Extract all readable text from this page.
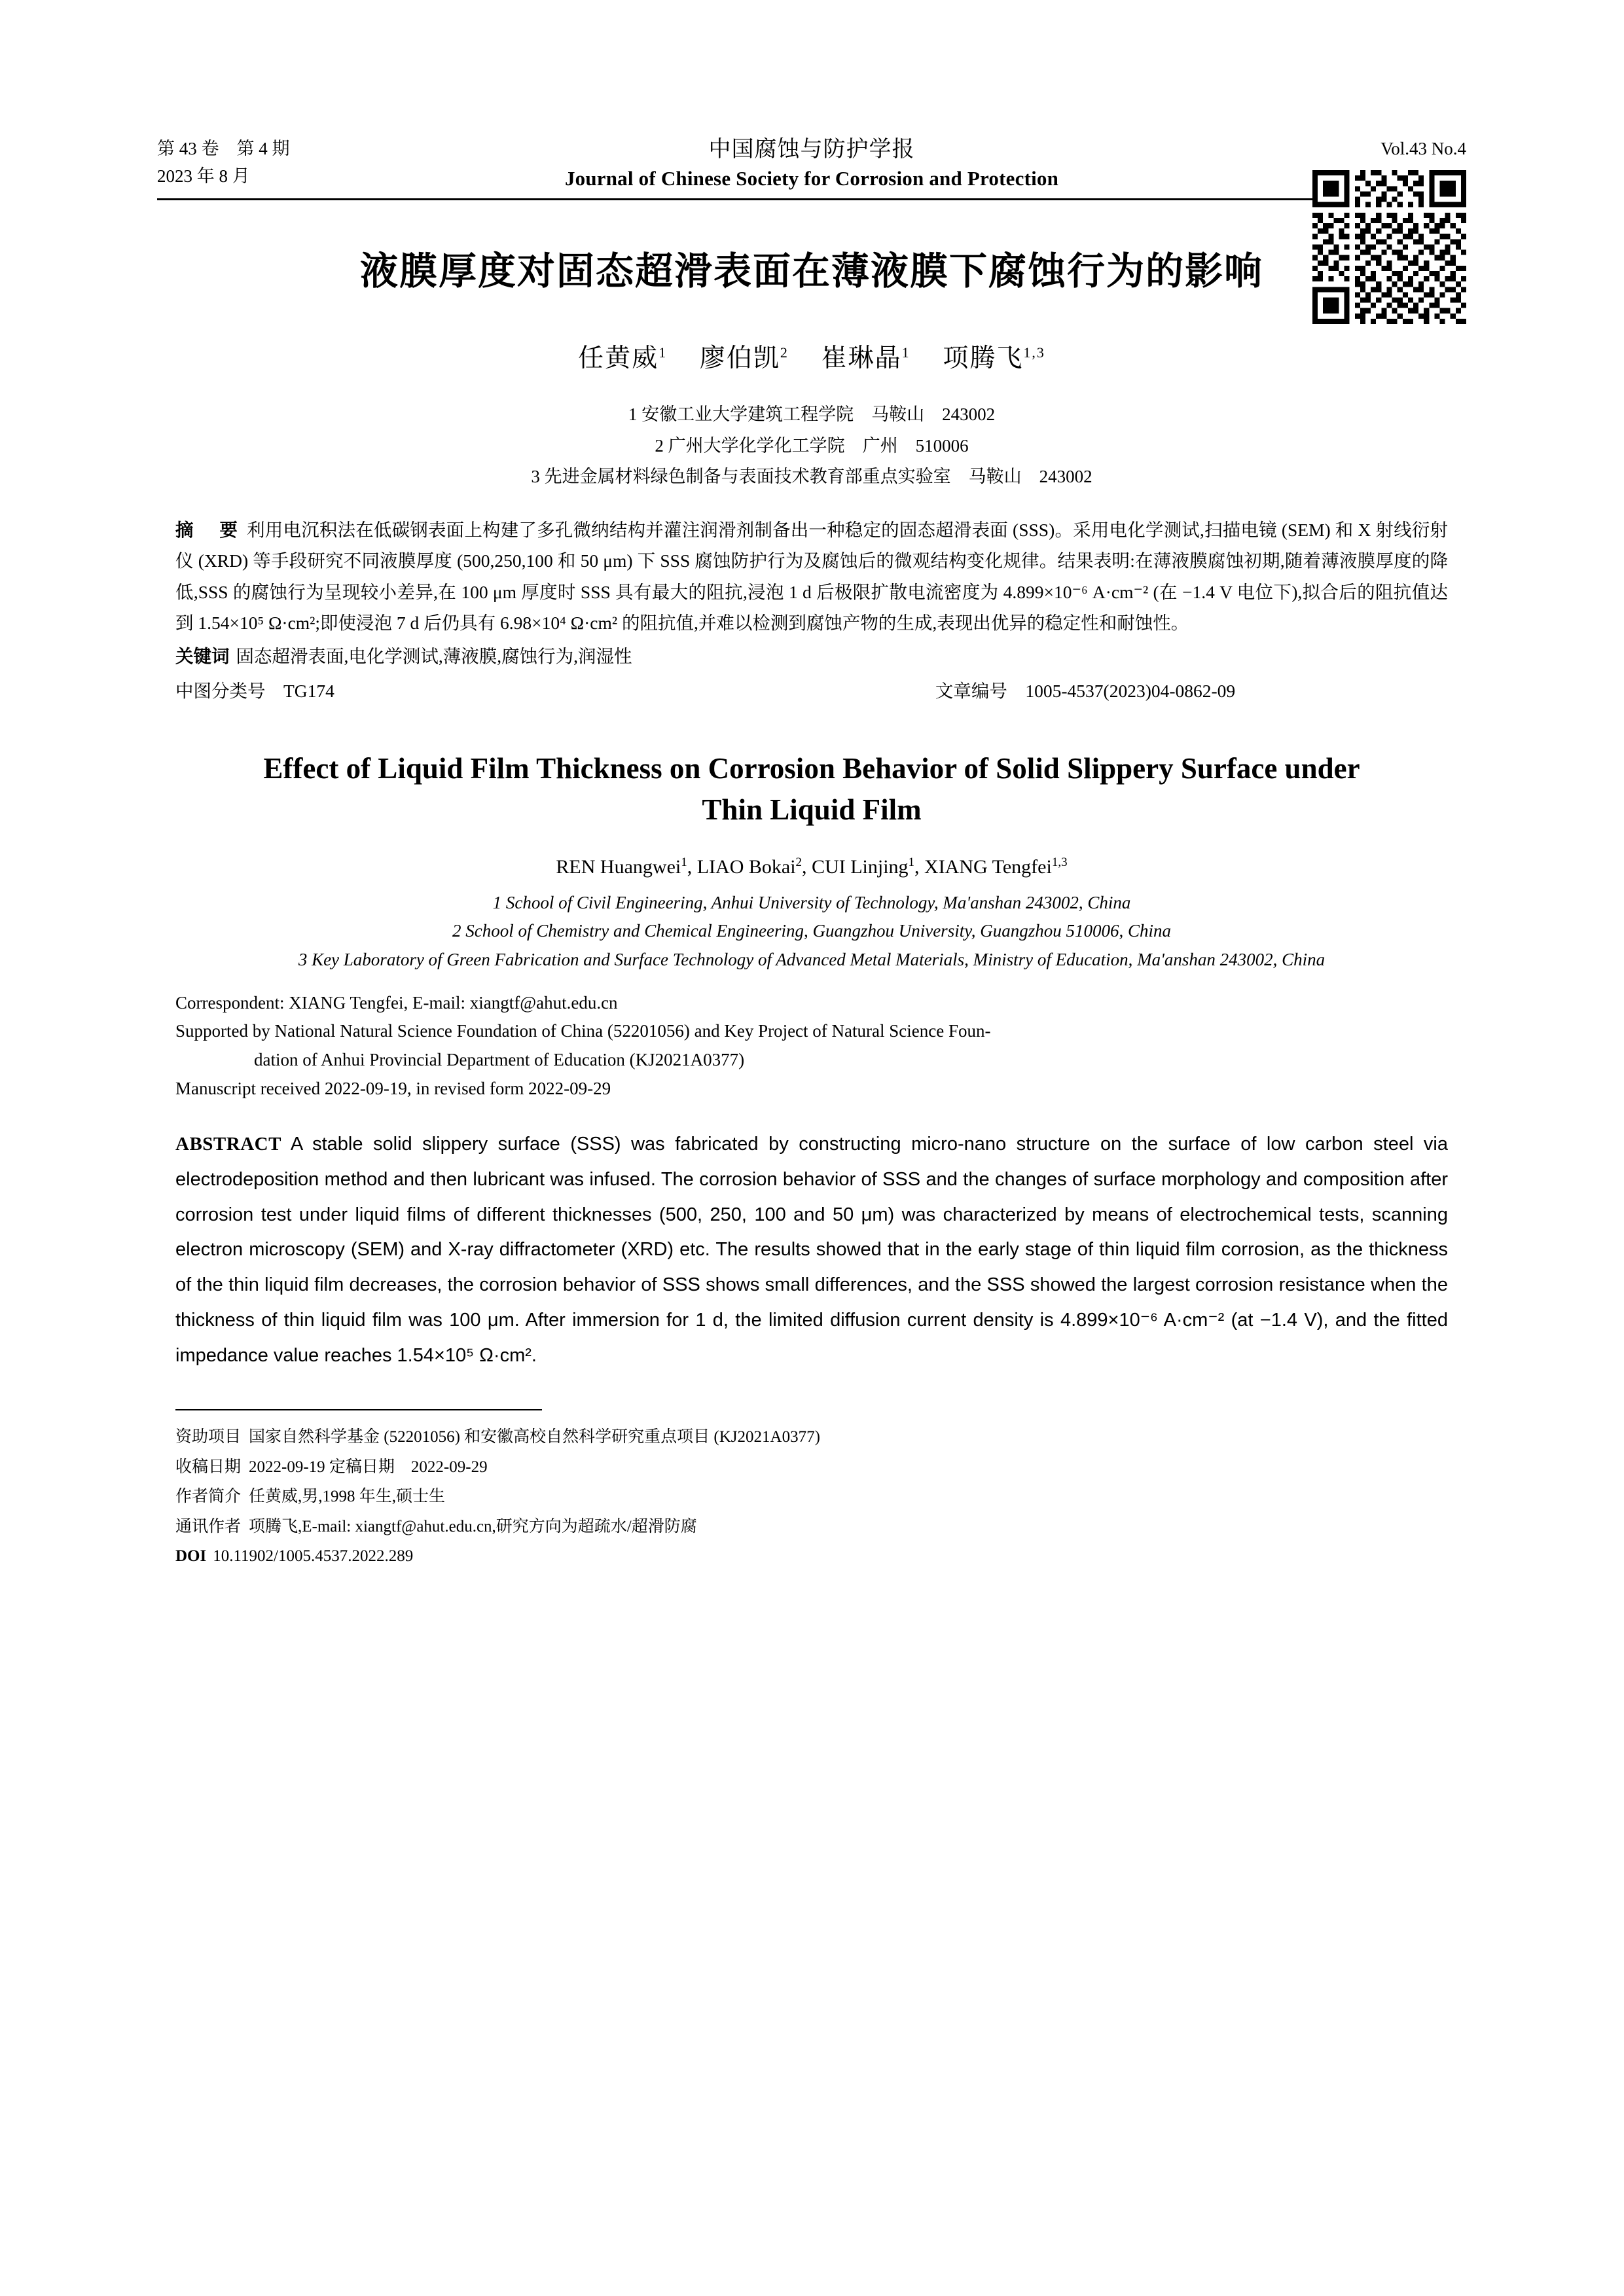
第 43 卷　第 4 期
2023 年 8 月
中国腐蚀与防护学报
Journal of Chinese Society for Corrosion and Protection
Vol.43 No.4
液膜厚度对固态超滑表面在薄液膜下腐蚀行为的影响
任黄威$^1$ 廖伯凯$^2$ 崔琳晶$^1$ 项腾飞$^{1,3}$
1 安徽工业大学建筑工程学院　马鞍山　243002
2 广州大学化学化工学院　广州　510006
3 先进金属材料绿色制备与表面技术教育部重点实验室　马鞍山　243002
摘　要 利用电沉积法在低碳钢表面上构建了多孔微纳结构并灌注润滑剂制备出一种稳定的固态超滑表面 (SSS)。采用电化学测试,扫描电镜 (SEM) 和 X 射线衍射仪 (XRD) 等手段研究不同液膜厚度 (500,250,100 和 50 μm) 下 SSS 腐蚀防护行为及腐蚀后的微观结构变化规律。结果表明:在薄液膜腐蚀初期,随着薄液膜厚度的降低,SSS 的腐蚀行为呈现较小差异,在 100 μm 厚度时 SSS 具有最大的阻抗,浸泡 1 d 后极限扩散电流密度为 4.899×10⁻⁶ A·cm⁻² (在 −1.4 V 电位下),拟合后的阻抗值达到 1.54×10⁵ Ω·cm²;即使浸泡 7 d 后仍具有 6.98×10⁴ Ω·cm² 的阻抗值,并难以检测到腐蚀产物的生成,表现出优异的稳定性和耐蚀性。
关键词 固态超滑表面,电化学测试,薄液膜,腐蚀行为,润湿性
中图分类号　TG174	文章编号　1005-4537(2023)04-0862-09
Effect of Liquid Film Thickness on Corrosion Behavior of Solid Slippery Surface under Thin Liquid Film
REN Huangwei$^1$, LIAO Bokai$^2$, CUI Linjing$^1$, XIANG Tengfei$^{1,3}$
1 School of Civil Engineering, Anhui University of Technology, Ma'anshan 243002, China
2 School of Chemistry and Chemical Engineering, Guangzhou University, Guangzhou 510006, China
3 Key Laboratory of Green Fabrication and Surface Technology of Advanced Metal Materials, Ministry of Education, Ma'anshan 243002, China
Correspondent: XIANG Tengfei, E-mail: xiangtf@ahut.edu.cn
Supported by National Natural Science Foundation of China (52201056) and Key Project of Natural Science Foun-
dation of Anhui Provincial Department of Education (KJ2021A0377)
Manuscript received 2022-09-19, in revised form 2022-09-29
ABSTRACT A stable solid slippery surface (SSS) was fabricated by constructing micro-nano structure on the surface of low carbon steel via electrodeposition method and then lubricant was infused. The corrosion behavior of SSS and the changes of surface morphology and composition after corrosion test under liquid films of different thicknesses (500, 250, 100 and 50 μm) was characterized by means of electrochemical tests, scanning electron microscopy (SEM) and X-ray diffractometer (XRD) etc. The results showed that in the early stage of thin liquid film corrosion, as the thickness of the thin liquid film decreases, the corrosion behavior of SSS shows small differences, and the SSS showed the largest corrosion resistance when the thickness of thin liquid film was 100 μm. After immersion for 1 d, the limited diffusion current density is 4.899×10⁻⁶ A·cm⁻² (at −1.4 V), and the fitted impedance value reaches 1.54×10⁵ Ω·cm².
资助项目 国家自然科学基金 (52201056) 和安徽高校自然科学研究重点项目 (KJ2021A0377)
收稿日期 2022-09-19 定稿日期　2022-09-29
作者简介 任黄威,男,1998 年生,硕士生
通讯作者 项腾飞,E-mail: xiangtf@ahut.edu.cn,研究方向为超疏水/超滑防腐
DOI 10.11902/1005.4537.2022.289
